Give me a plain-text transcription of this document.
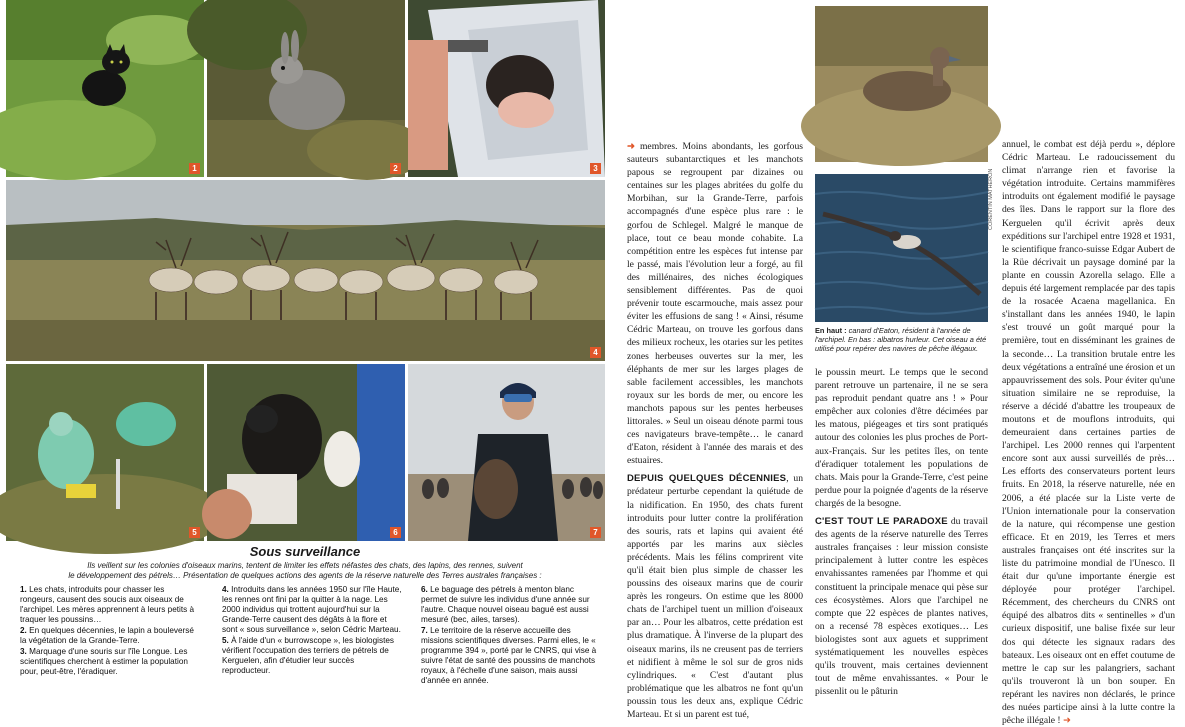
1	2	3
4
5	6	7
Sous surveillance
Ils veillent sur les colonies d'oiseaux marins, tentent de limiter les effets néfastes des chats, des lapins, des rennes, suivent
le développement des pétrels… Présentation de quelques actions des agents de la réserve naturelle des Terres australes françaises :
1. Les chats, introduits pour chasser les rongeurs, causent des soucis aux oiseaux de l'archipel. Les mères apprennent à leurs petits à traquer les poussins…
2. En quelques décennies, le lapin a bouleversé la végétation de la Grande-Terre.
3. Marquage d'une souris sur l'île Longue. Les scientifiques cherchent à estimer la population pour, peut-être, l'éradiquer.
4. Introduits dans les années 1950 sur l'île Haute, les rennes ont fini par la quitter à la nage. Les 2000 individus qui trottent aujourd'hui sur la Grande-Terre causent des dégâts à la flore et sont « sous surveillance », selon Cédric Marteau.
5. À l'aide d'un « burrowscope », les biologistes vérifient l'occupation des terriers de pétrels de Kerguelen, afin d'étudier leur succès reproducteur.
6. Le baguage des pétrels à menton blanc permet de suivre les individus d'une année sur l'autre. Chaque nouvel oiseau bagué est aussi mesuré (bec, ailes, tarses).
7. Le territoire de la réserve accueille des missions scientifiques diverses. Parmi elles, le « programme 394 », porté par le CNRS, qui vise à suivre l'état de santé des poussins de manchots royaux, à l'échelle d'une saison, mais aussi d'année en année.

➜ membres. Moins abondants, les gorfous sauteurs subantarctiques et les manchots papous se regroupent par dizaines ou centaines sur les plages abritées du golfe du Morbihan, sur la Grande-Terre, parfois accompagnés d'une espèce plus rare : le gorfou de Schlegel. Malgré le manque de place, tout ce beau monde cohabite. La compétition entre les espèces fut intense par le passé, mais l'évolution leur a forgé, au fil des millénaires, des niches écologiques sensiblement différentes. Pas de quoi prévenir toute escarmouche, mais assez pour éviter les effusions de sang ! « Ainsi, résume Cédric Marteau, on trouve les gorfous dans des milieux rocheux, les otaries sur les petites zones herbeuses ouvertes sur la mer, les éléphants de mer sur les larges plages de sable facilement accessibles, les manchots royaux sur les bords de mer, ou encore les manchots papous sur les pentes herbeuses littorales. » Seul un oiseau dénote parmi tous ces navigateurs brave-tempête… le canard d'Eaton, résident à l'année des marais et des estuaires.

DEPUIS QUELQUES DÉCENNIES, un prédateur perturbe cependant la quiétude de la nidification. En 1950, des chats furent introduits pour lutter contre la prolifération des souris, rats et lapins qui avaient été apportés par les marins aux siècles précédents. Mais les félins comprirent vite qu'il était bien plus simple de chasser les poussins des oiseaux marins que de courir après les rongeurs. On estime que les 8000 chats de l'archipel tuent un million d'oiseaux par an… Pour les albatros, cette prédation est plus dramatique. À l'inverse de la plupart des oiseaux marins, ils ne creusent pas de terriers et nidifient à même le sol sur de gros nids cylindriques. « C'est d'autant plus problématique que les albatros ne font qu'un poussin tous les deux ans, explique Cédric Marteau. Et si un parent est tué,

CORENTIN MATHERON
En haut : canard d'Eaton, résident à l'année de l'archipel. En bas : albatros hurleur. Cet oiseau a été utilisé pour repérer des navires de pêche illégaux.

le poussin meurt. Le temps que le second parent retrouve un partenaire, il ne se sera pas reproduit pendant quatre ans ! » Pour empêcher aux colonies d'être décimées par les matous, piégeages et tirs sont pratiqués autour des colonies les plus proches de Port-aux-Français. Sur les petites îles, on tente d'éradiquer totalement les populations de chats. Mais pour la Grande-Terre, c'est peine perdue pour la poignée d'agents de la réserve chargés de la besogne.

C'EST TOUT LE PARADOXE du travail des agents de la réserve naturelle des Terres australes françaises : leur mission consiste principalement à lutter contre les espèces envahissantes ramenées par l'homme et qui constituent la principale menace qui pèse sur ces écosystèmes. Alors que l'archipel ne compte que 22 espèces de plantes natives, on a recensé 78 espèces exotiques… Les biologistes sont aux aguets et suppriment systématiquement les nouvelles espèces qu'ils trouvent, mais certaines deviennent tout de même envahissantes. « Pour le pissenlit ou le pâturin

annuel, le combat est déjà perdu », déplore Cédric Marteau. Le radoucissement du climat n'arrange rien et favorise la végétation introduite. Certains mammifères introduits ont également modifié le paysage des îles. Dans le rapport sur la flore des Kerguelen qu'il écrivit après deux expéditions sur l'archipel entre 1928 et 1931, le scientifique franco-suisse Edgar Aubert de la Rüe décrivait un paysage dominé par la plante en coussin Azorella selago. Elle a depuis été largement remplacée par des tapis de la rosacée Acaena magellanica. En s'installant dans les années 1940, le lapin s'est trouvé un goût marqué pour la première, tout en disséminant les graines de la seconde… La transition brutale entre les deux végétations a entraîné une érosion et un appauvrissement des sols. Pour éviter qu'une situation similaire ne se reproduise, la réserve a décidé d'abattre les troupeaux de moutons et de mouflons introduits, qui demeuraient dans certaines parties de l'archipel. Les 2000 rennes qui l'arpentent encore sont aux aussi surveillés de près… Les efforts des conservateurs portent leurs fruits. En 2018, la réserve naturelle, née en 2006, a été placée sur la Liste verte de l'Union internationale pour la conservation de la nature, qui récompense une gestion efficace. Et en 2019, les Terres et mers australes françaises ont été inscrites sur la liste du patrimoine mondial de l'Unesco. Il était dur qu'une importante énergie est déployée pour protéger l'archipel. Récemment, des chercheurs du CNRS ont équipé des albatros dits « sentinelles » d'un curieux dispositif, une balise fixée sur leur dos qui détecte les signaux radars des bateaux. Les oiseaux ont en effet coutume de mettre le cap sur les palangriers, sachant qu'ils trouveront là un bon souper. En repérant les navires non déclarés, le prince des nuées participe ainsi à la lutte contre la pêche illégale ! ➜
